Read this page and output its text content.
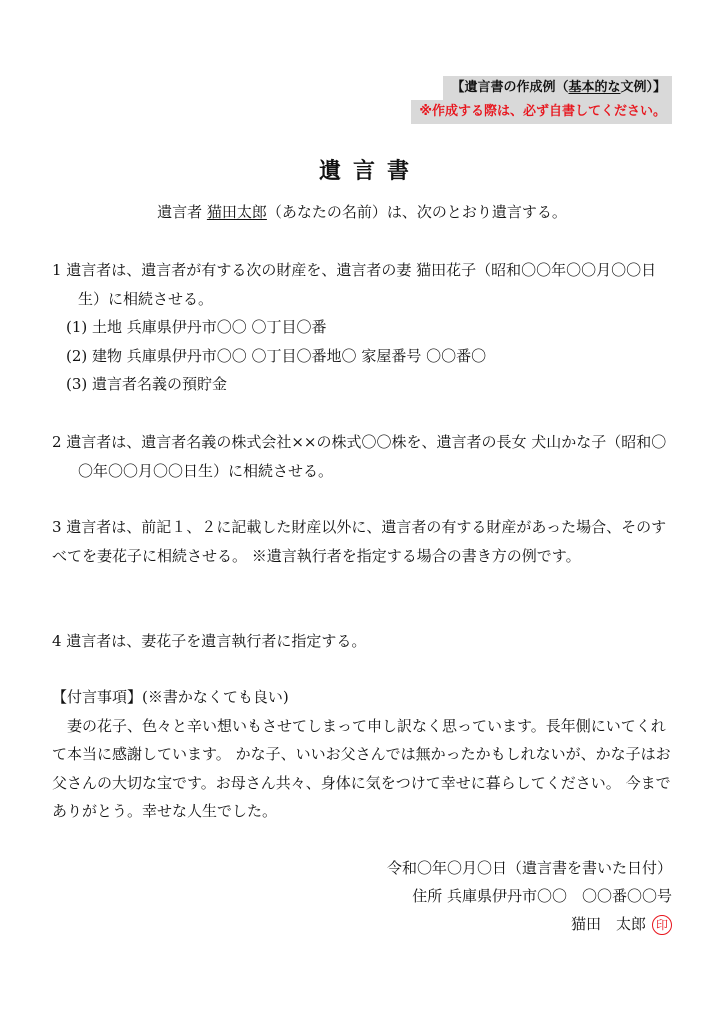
【遺言書の作成例（基本的な文例）】
※作成する際は、必ず自書してください。
遺言書
遺言者 猫田太郎（あなたの名前）は、次のとおり遺言する。

1 遺言者は、遺言者が有する次の財産を、遺言者の妻 猫田花子（昭和〇〇年〇〇月〇〇日生）に相続させる。

(1) 土地 兵庫県伊丹市〇〇 〇丁目〇番
(2) 建物 兵庫県伊丹市〇〇 〇丁目〇番地〇 家屋番号 〇〇番〇
(3) 遺言者名義の預貯金

2 遺言者は、遺言者名義の株式会社××の株式〇〇株を、遺言者の長女 犬山かな子（昭和〇〇年〇〇月〇〇日生）に相続させる。

3 遺言者は、前記１、２に記載した財産以外に、遺言者の有する財産があった場合、そのすべてを妻花子に相続させる。 ※遺言執行者を指定する場合の書き方の例です。

4 遺言者は、妻花子を遺言執行者に指定する。

【付言事項】(※書かなくても良い)

妻の花子、色々と辛い想いもさせてしまって申し訳なく思っています。長年側にいてくれて本当に感謝しています。 かな子、いいお父さんでは無かったかもしれないが、かな子はお父さんの大切な宝です。お母さん共々、身体に気をつけて幸せに暮らしてください。 今までありがとう。幸せな人生でした。

令和〇年〇月〇日（遺言書を書いた日付）
住所 兵庫県伊丹市〇〇　〇〇番〇〇号
猫田　太郎 印
